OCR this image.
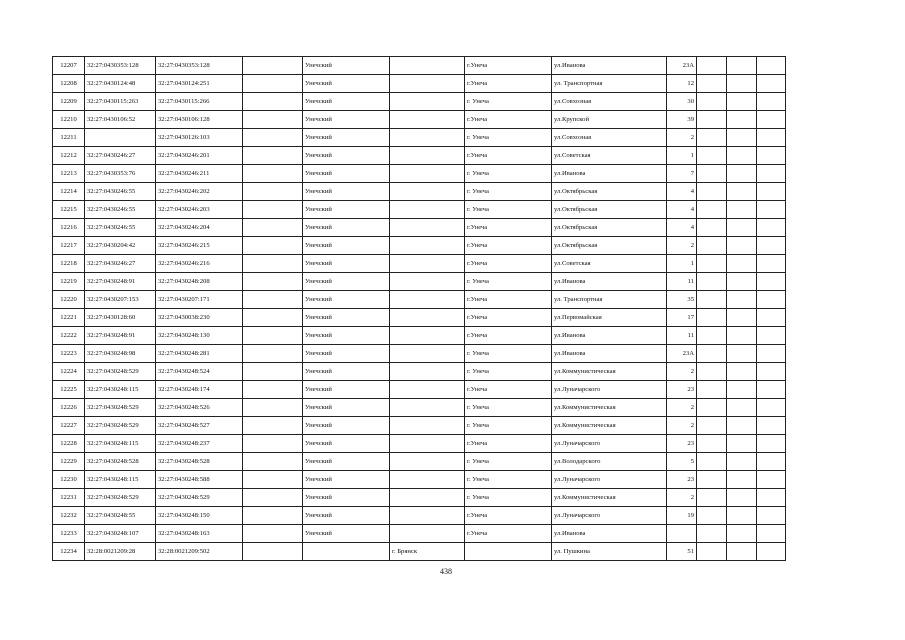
12207	32:27:0430353:128	32:27:0430353:128		Унечский		г.Унеча	ул.Иванова	23А			
12208	32:27:0430124:48	32:27:0430124:251		Унечский		г.Унеча	ул. Транспортная	12			
12209	32:27:0430115:263	32:27:0430115:266		Унечский		г. Унеча	ул.Совхозная	30			
12210	32:27:0430106:52	32:27:0430106:128		Унечский		г.Унеча	ул.Крупской	39			
12211		32:27:0430126:103		Унечский		г. Унеча	ул.Совхозная	2			
12212	32:27:0430246:27	32:27:0430246:201		Унечский		г.Унеча	ул.Советская	1			
12213	32:27:0430353:76	32:27:0430246:211		Унечский		г. Унеча	ул.Иванова	7			
12214	32:27:0430246:55	32:27:0430246:202		Унечский		г. Унеча	ул.Октябрьская	4			
12215	32:27:0430246:55	32:27:0430246:203		Унечский		г. Унеча	ул.Октябрьская	4			
12216	32:27:0430246:55	32:27:0430246:204		Унечский		г.Унеча	ул.Октябрьская	4			
12217	32:27:0430204:42	32:27:0430246:215		Унечский		г.Унеча	ул.Октябрьская	2			
12218	32:27:0430246:27	32:27:0430246:216		Унечский		г.Унеча	ул.Советская	1			
12219	32:27:0430248:91	32:27:0430248:208		Унечский		г. Унеча	ул.Иванова	11			
12220	32:27:0430207:153	32:27:0430207:171		Унечский		г.Унеча	ул. Транспортная	35			
12221	32:27:0430128:60	32:27:0430038:230		Унечский		г.Унеча	ул.Первомайская	17			
12222	32:27:0430248:91	32:27:0430248:130		Унечский		г.Унеча	ул.Иванова	11			
12223	32:27:0430248:98	32:27:0430248:281		Унечский		г. Унеча	ул.Иванова	23А			
12224	32:27:0430248:529	32:27:0430248:524		Унечский		г. Унеча	ул.Коммунистическая	2			
12225	32:27:0430248:115	32:27:0430248:174		Унечский		г.Унеча	ул.Луначарского	23			
12226	32:27:0430248:529	32:27:0430248:526		Унечский		г. Унеча	ул.Коммунистическая	2			
12227	32:27:0430248:529	32:27:0430248:527		Унечский		г. Унеча	ул.Коммунистическая	2			
12228	32:27:0430248:115	32:27:0430248:237		Унечский		г.Унеча	ул.Луначарского	23			
12229	32:27:0430248:528	32:27:0430248:528		Унечский		г. Унеча	ул.Володарского	5			
12230	32:27:0430248:115	32:27:0430248:588		Унечский		г. Унеча	ул.Луначарского	23			
12231	32:27:0430248:529	32:27:0430248:529		Унечский		г. Унеча	ул.Коммунистическая	2			
12232	32:27:0430248:55	32:27:0430248:150		Унечский		г.Унеча	ул.Луначарского	19			
12233	32:27:0430248:107	32:27:0430248:163		Унечский		г.Унеча	ул.Иванова				
12234	32:28:0021209:28	32:28:0021209:502			г. Брянск		ул. Пушкина	51			
438
